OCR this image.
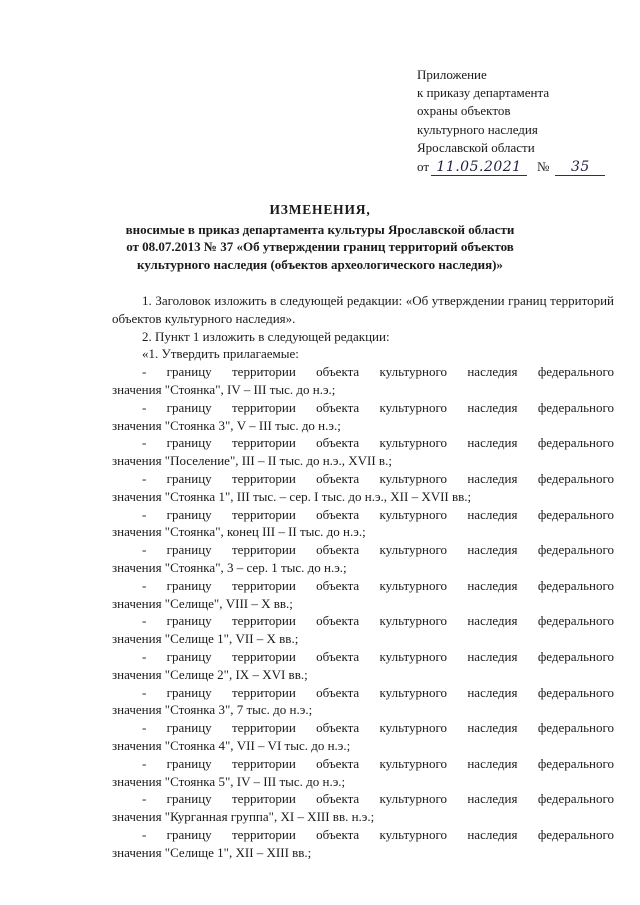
Приложение
к приказу департамента
охраны объектов
культурного наследия
Ярославской области
от 11.05.2021	№	35
ИЗМЕНЕНИЯ,
вносимые в приказ департамента культуры Ярославской области
от 08.07.2013 № 37 «Об утверждении границ территорий объектов
культурного наследия (объектов археологического наследия)»

1. Заголовок изложить в следующей редакции: «Об утверждении границ территорий объектов культурного наследия».

2. Пункт 1 изложить в следующей редакции:

«1. Утвердить прилагаемые:

- границу территории объекта культурного наследия федерального
значения "Стоянка", IV – III тыс. до н.э.;
- границу территории объекта культурного наследия федерального
значения "Стоянка 3", V – III тыс. до н.э.;
- границу территории объекта культурного наследия федерального
значения "Поселение", III – II тыс. до н.э., XVII в.;
- границу территории объекта культурного наследия федерального
значения "Стоянка 1", III тыс. – сер. I тыс. до н.э., XII – XVII вв.;
- границу территории объекта культурного наследия федерального
значения "Стоянка", конец III – II тыс. до н.э.;
- границу территории объекта культурного наследия федерального
значения "Стоянка", 3 – сер. 1 тыс. до н.э.;
- границу территории объекта культурного наследия федерального
значения "Селище", VIII – X вв.;
- границу территории объекта культурного наследия федерального
значения "Селище 1", VII – X вв.;
- границу территории объекта культурного наследия федерального
значения "Селище 2", IX – XVI вв.;
- границу территории объекта культурного наследия федерального
значения "Стоянка 3", 7 тыс. до н.э.;
- границу территории объекта культурного наследия федерального
значения "Стоянка 4", VII – VI тыс. до н.э.;
- границу территории объекта культурного наследия федерального
значения "Стоянка 5", IV – III тыс. до н.э.;
- границу территории объекта культурного наследия федерального
значения "Курганная группа", XI – XIII вв. н.э.;
- границу территории объекта культурного наследия федерального
значения "Селище 1", XII – XIII вв.;
